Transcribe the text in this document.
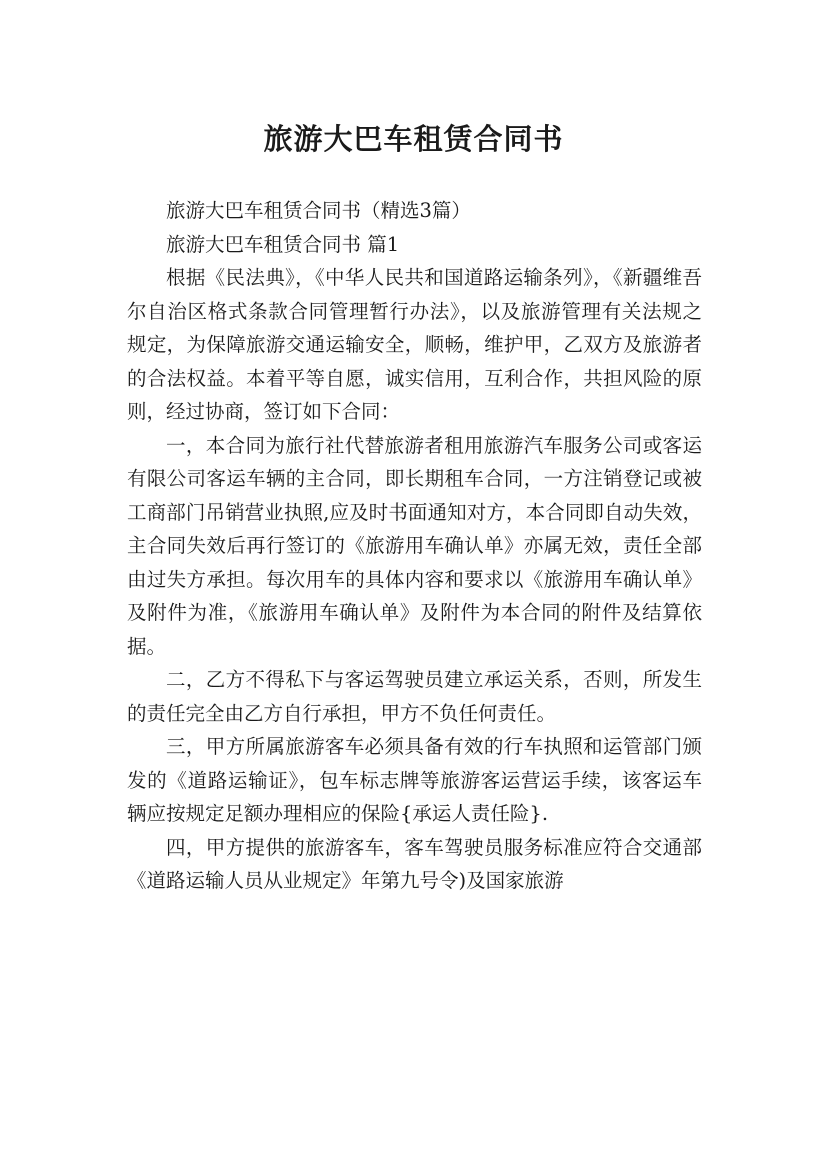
旅游大巴车租赁合同书

旅游大巴车租赁合同书（精选3篇）

旅游大巴车租赁合同书 篇1

根据《民法典》，《中华人民共和国道路运输条列》，《新疆维吾尔自治区格式条款合同管理暂行办法》，以及旅游管理有关法规之规定，为保障旅游交通运输安全，顺畅，维护甲，乙双方及旅游者的合法权益。本着平等自愿，诚实信用，互利合作，共担风险的原则，经过协商，签订如下合同：

一，本合同为旅行社代替旅游者租用旅游汽车服务公司或客运有限公司客运车辆的主合同，即长期租车合同，一方注销登记或被工商部门吊销营业执照,应及时书面通知对方，本合同即自动失效，主合同失效后再行签订的《旅游用车确认单》亦属无效，责任全部由过失方承担。每次用车的具体内容和要求以《旅游用车确认单》及附件为准，《旅游用车确认单》及附件为本合同的附件及结算依据。

二，乙方不得私下与客运驾驶员建立承运关系，否则，所发生的责任完全由乙方自行承担，甲方不负任何责任。

三，甲方所属旅游客车必须具备有效的行车执照和运管部门颁发的《道路运输证》，包车标志牌等旅游客运营运手续，该客运车辆应按规定足额办理相应的保险{承运人责任险}.

四，甲方提供的旅游客车，客车驾驶员服务标准应符合交通部《道路运输人员从业规定》年第九号令)及国家旅游
